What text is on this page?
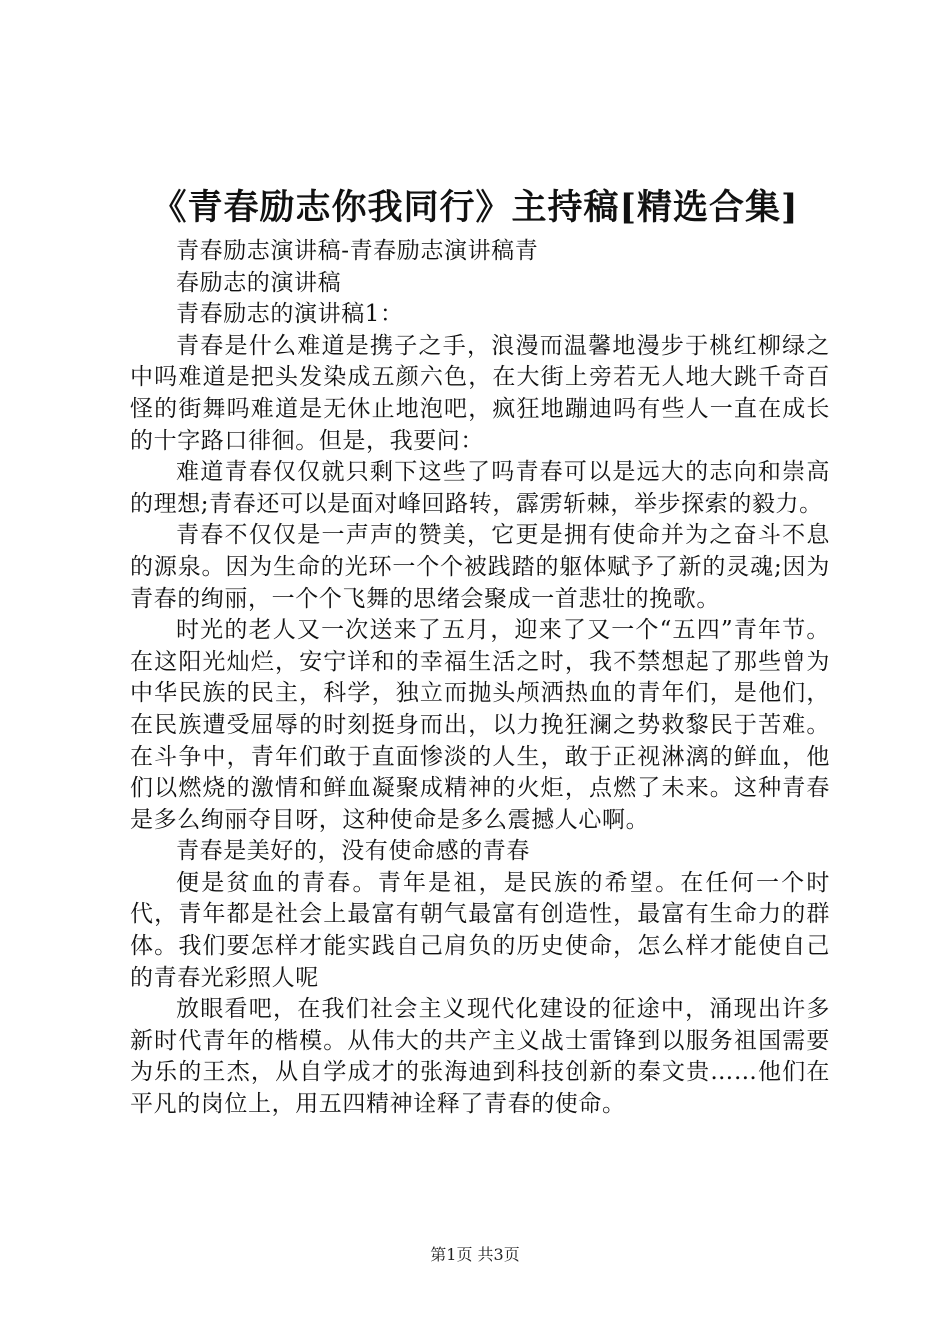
《青春励志你我同行》主持稿[精选合集]

青春励志演讲稿-青春励志演讲稿青

春励志的演讲稿

青春励志的演讲稿1：

青春是什么难道是携子之手，浪漫而温馨地漫步于桃红柳绿之中吗难道是把头发染成五颜六色，在大街上旁若无人地大跳千奇百怪的街舞吗难道是无休止地泡吧，疯狂地蹦迪吗有些人一直在成长的十字路口徘徊。但是，我要问：

难道青春仅仅就只剩下这些了吗青春可以是远大的志向和崇高的理想;青春还可以是面对峰回路转，霹雳斩棘，举步探索的毅力。

青春不仅仅是一声声的赞美，它更是拥有使命并为之奋斗不息的源泉。因为生命的光环一个个被践踏的躯体赋予了新的灵魂;因为青春的绚丽，一个个飞舞的思绪会聚成一首悲壮的挽歌。

时光的老人又一次送来了五月，迎来了又一个“五四”青年节。在这阳光灿烂，安宁详和的幸福生活之时，我不禁想起了那些曾为中华民族的民主，科学，独立而抛头颅洒热血的青年们，是他们，在民族遭受屈辱的时刻挺身而出，以力挽狂澜之势救黎民于苦难。在斗争中，青年们敢于直面惨淡的人生，敢于正视淋漓的鲜血，他们以燃烧的激情和鲜血凝聚成精神的火炬，点燃了未来。这种青春是多么绚丽夺目呀，这种使命是多么震撼人心啊。

青春是美好的，没有使命感的青春

便是贫血的青春。青年是祖，是民族的希望。在任何一个时代，青年都是社会上最富有朝气最富有创造性，最富有生命力的群体。我们要怎样才能实践自己肩负的历史使命，怎么样才能使自己的青春光彩照人呢

放眼看吧，在我们社会主义现代化建设的征途中，涌现出许多新时代青年的楷模。从伟大的共产主义战士雷锋到以服务祖国需要为乐的王杰，从自学成才的张海迪到科技创新的秦文贵……他们在平凡的岗位上，用五四精神诠释了青春的使命。

第1页 共3页
